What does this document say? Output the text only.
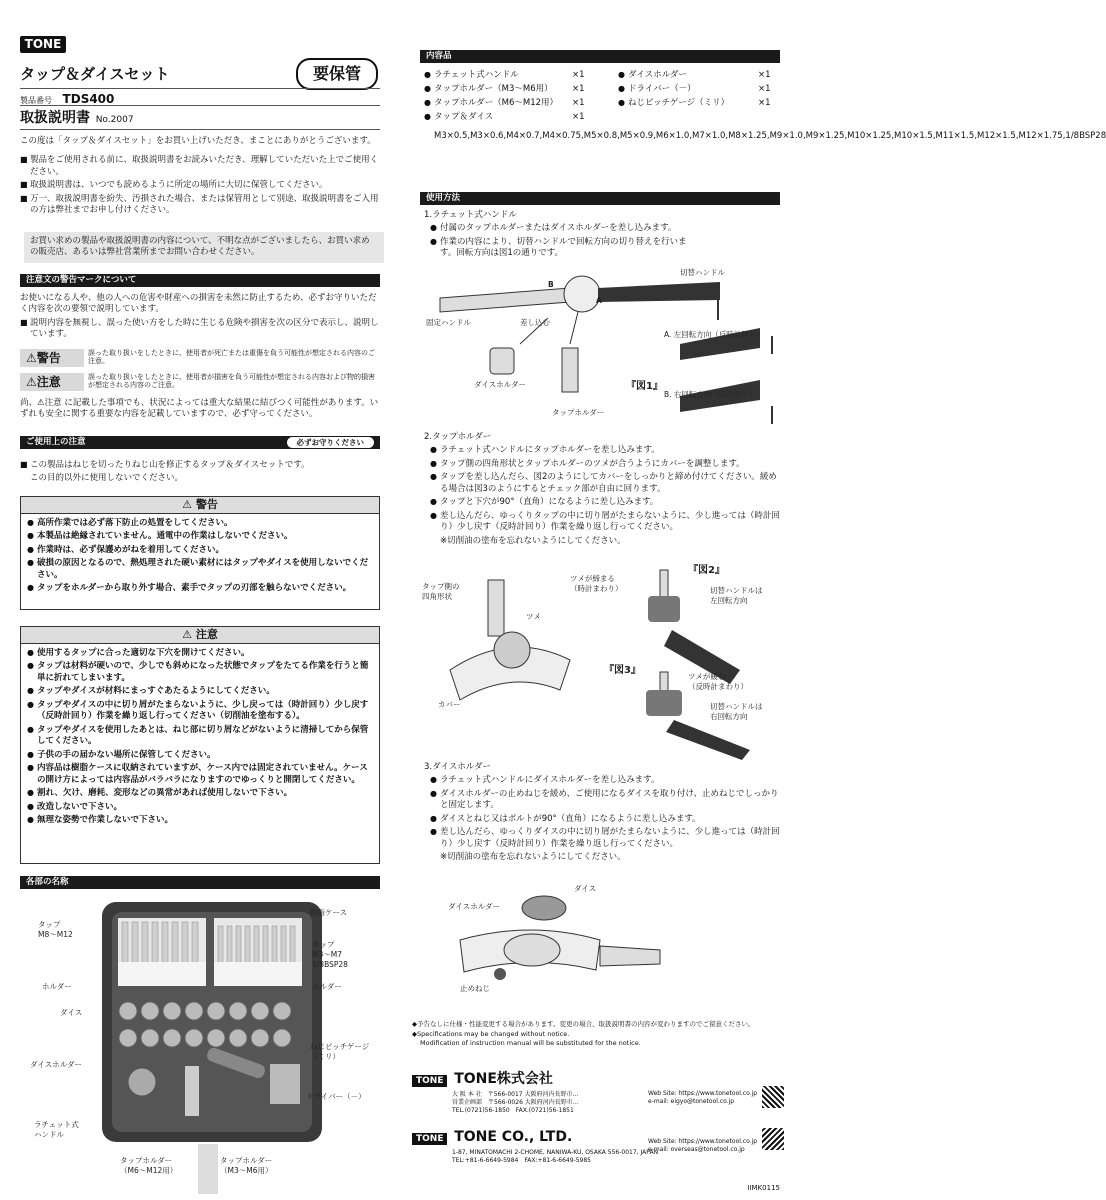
TONE
タップ＆ダイスセット	要保管
製品番号 TDS400
取扱説明書 No.2007

この度は「タップ＆ダイスセット」をお買い上げいただき、まことにありがとうございます。

■ 製品をご使用される前に、取扱説明書をお読みいただき、理解していただいた上でご使用ください。

■ 取扱説明書は、いつでも読めるように所定の場所に大切に保管してください。

■ 万一、取扱説明書を紛失、汚損された場合、または保管用として別途、取扱説明書をご入用の方は弊社までお申し付けください。

お買い求めの製品や取扱説明書の内容について、不明な点がございましたら、お買い求めの販売店、あるいは弊社営業所までお問い合わせください。
注意文の警告マークについて

お使いになる人や、他の人への危害や財産への損害を未然に防止するため、必ずお守りいただく内容を次の要領で説明しています。

■ 説明内容を無視し、誤った使い方をした時に生じる危険や損害を次の区分で表示し、説明しています。

⚠警告	誤った取り扱いをしたときに、使用者が死亡または重傷を負う可能性が想定される内容のご注意。
⚠注意	誤った取り扱いをしたときに、使用者が損害を負う可能性が想定される内容および物的損害が想定される内容のご注意。
尚、⚠注意 に記載した事項でも、状況によっては重大な結果に結びつく可能性があります。いずれも安全に関する重要な内容を記載していますので、必ず守ってください。
ご使用上の注意	必ずお守りください

■ この製品はねじを切ったりねじ山を修正するタップ＆ダイスセットです。

この目的以外に使用しないでください。

⚠ 警告

● 高所作業では必ず落下防止の処置をしてください。

● 本製品は絶縁されていません。通電中の作業はしないでください。

● 作業時は、必ず保護めがねを着用してください。

● 破損の原因となるので、熱処理された硬い素材にはタップやダイスを使用しないでください。

● タップをホルダーから取り外す場合、素手でタップの刃部を触らないでください。

⚠ 注意

● 使用するタップに合った適切な下穴を開けてください。

● タップは材料が硬いので、少しでも斜めになった状態でタップをたてる作業を行うと簡単に折れてしまいます。

● タップやダイスが材料にまっすぐあたるようにしてください。

● タップやダイスの中に切り屑がたまらないように、少し戻っては（時計回り）少し戻す（反時計回り）作業を繰り返し行ってください（切削油を塗布する）。

● タップやダイスを使用したあとは、ねじ部に切り屑などがないように清掃してから保管してください。

● 子供の手の届かない場所に保管してください。

● 内容品は樹脂ケースに収納されていますが、ケース内では固定されていません。ケースの開け方によっては内容品がバラバラになりますのでゆっくりと開閉してください。

● 割れ、欠け、磨耗、変形などの異常があれば使用しないで下さい。

● 改造しないで下さい。

● 無理な姿勢で作業しないで下さい。

各部の名称
タップ
M8〜M12
樹脂ケース
タップ
M3〜M7
1/8BSP28
ホルダー	ホルダー
ダイス
ねじピッチゲージ
（ミリ）
ダイスホルダー
ドライバー（－）
ラチェット式
ハンドル
タップホルダー
（M6〜M12用）
タップホルダー
（M3〜M6用）
内容品
● ラチェット式ハンドル	×1	● ダイスホルダー	×1
● タップホルダー（M3〜M6用） ×1	● ドライバー（－）	×1
● タップホルダー（M6〜M12用） ×1	● ねじピッチゲージ（ミリ）	×1
● タップ＆ダイス	×1
M3×0.5,M3×0.6,M4×0.7,M4×0.75,M5×0.8,M5×0.9,M6×1.0,M7×1.0,M8×1.25,M9×1.0,M9×1.25,M10×1.25,M10×1.5,M11×1.5,M12×1.5,M12×1.75,1/8BSP28
使用方法

1.ラチェット式ハンドル

● 付属のタップホルダーまたはダイスホルダーを差し込みます。

● 作業の内容により、切替ハンドルで回転方向の切り替えを行います。回転方向は図1の通りです。

切替ハンドル
固定ハンドル	差し込む
A
B
A. 左回転方向（反時計回り）
ダイスホルダー	『図1』
タップホルダー
B. 右回転方向（時計回り）

2.タップホルダー

● ラチェット式ハンドルにタップホルダーを差し込みます。

● タップ側の四角形状とタップホルダーのツメが合うようにカバーを調整します。

● タップを差し込んだら、図2のようにしてカバーをしっかりと締め付けてください。緩める場合は図3のようにするとチェック部が自由に回ります。

● タップと下穴が90°（直角）になるように差し込みます。

● 差し込んだら、ゆっくりタップの中に切り屑がたまらないように、少し進っては（時計回り）少し戻す（反時計回り）作業を繰り返し行ってください。

※切削油の塗布を忘れないようにしてください。

『図2』
ツメが締まる
（時計まわり）	切替ハンドルは
左回転方向
タップ側の
四角形状
ツメ
カバー
『図3』
ツメが緩む
（反時計まわり）
切替ハンドルは
右回転方向

3.ダイスホルダー

● ラチェット式ハンドルにダイスホルダーを差し込みます。

● ダイスホルダーの止めねじを緩め、ご使用になるダイスを取り付け、止めねじでしっかりと固定します。

● ダイスとねじ又はボルトが90°（直角）になるように差し込みます。

● 差し込んだら、ゆっくりダイスの中に切り屑がたまらないように、少し進っては（時計回り）少し戻す（反時計回り）作業を繰り返し行ってください。

※切削油の塗布を忘れないようにしてください。

ダイス
ダイスホルダー
止めねじ

◆予告なしに仕様・性能変更する場合があります。変更の場合、取扱説明書の内容が変わりますのでご留意ください。

◆Specifications may be changed without notice.

Modification of instruction manual will be substituted for the notice.

TONE TONE株式会社
大 阪 本 社　〒566-0017 大阪府河内長野市…
営業企画部　〒566-0026 大阪府河内長野市…
TEL.(0721)56-1850　FAX.(0721)56-1851
Web Site: https://www.tonetool.co.jp
e-mail: eigyo@tonetool.co.jp
TONE TONE CO., LTD.
1-87, MINATOMACHI 2-CHOME, NANIWA-KU, OSAKA 556-0017, JAPAN
TEL:+81-6-6649-5984　FAX:+81-6-6649-5985
Web Site: https://www.tonetool.co.jp
e-mail: overseas@tonetool.co.jp
IIMK0115
